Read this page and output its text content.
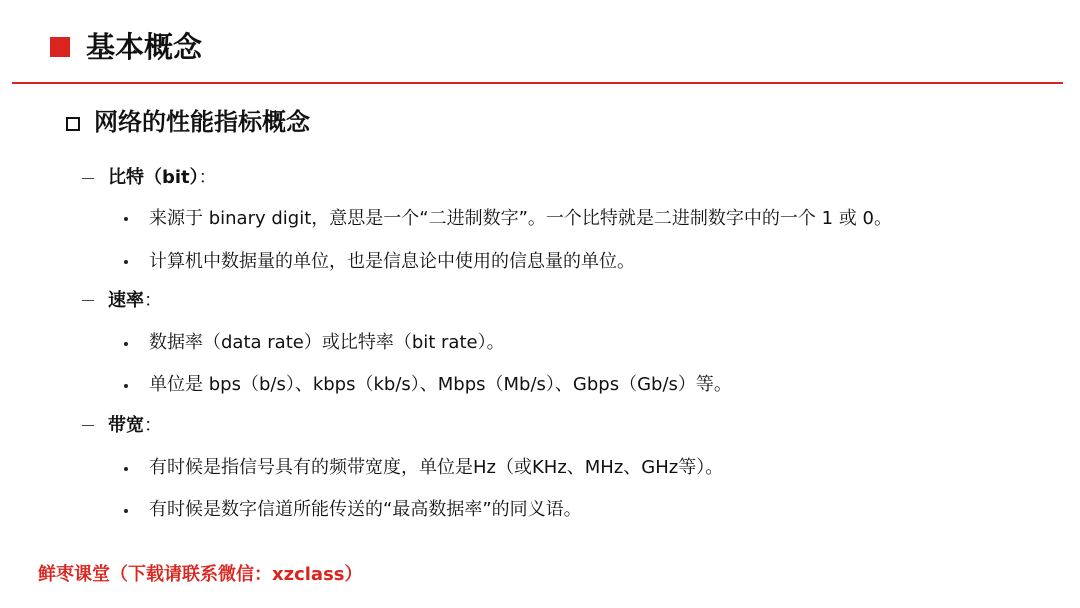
基本概念
网络的性能指标概念
比特（bit）：
来源于 binary digit，意思是一个“二进制数字”。一个比特就是二进制数字中的一个 1 或 0。
计算机中数据量的单位，也是信息论中使用的信息量的单位。
速率：
数据率（data rate）或比特率（bit rate）。
单位是 bps（b/s）、kbps（kb/s）、Mbps（Mb/s）、Gbps（Gb/s）等。
带宽：
有时候是指信号具有的频带宽度，单位是Hz（或KHz、MHz、GHz等）。
有时候是数字信道所能传送的“最高数据率”的同义语。
鲜枣课堂（下载请联系微信：xzclass）
